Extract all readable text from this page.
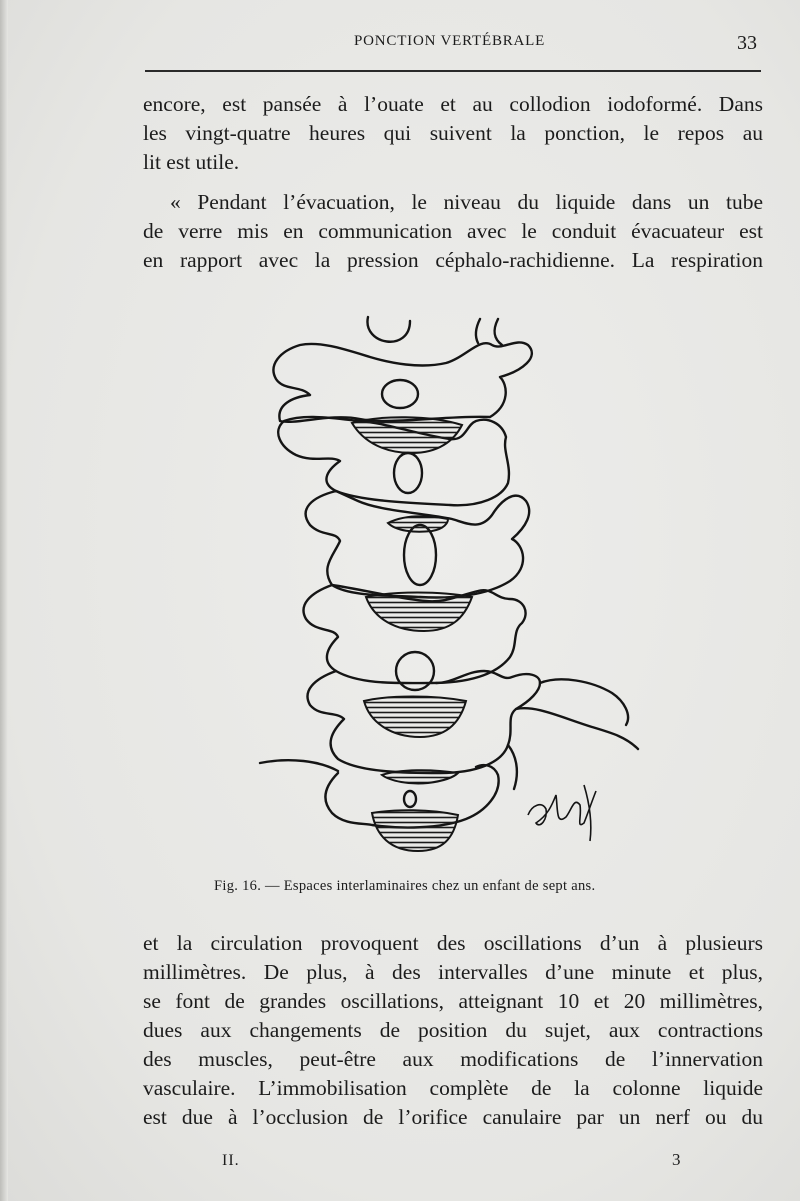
PONCTION VERTÉBRALE	33

encore, est pansée à l’ouate et au collodion iodoformé. Dans
les vingt-quatre heures qui suivent la ponction, le repos au
lit est utile.

« Pendant l’évacuation, le niveau du liquide dans un tube
de verre mis en communication avec le conduit évacuateur est
en rapport avec la pression céphalo-rachidienne. La respiration

Fig. 16. — Espaces interlaminaires chez un enfant de sept ans.

et la circulation provoquent des oscillations d’un à plusieurs
millimètres. De plus, à des intervalles d’une minute et plus,
se font de grandes oscillations, atteignant 10 et 20 millimètres,
dues aux changements de position du sujet, aux contractions
des muscles, peut-être aux modifications de l’innervation
vasculaire. L’immobilisation complète de la colonne liquide
est due à l’occlusion de l’orifice canulaire par un nerf ou du

II.	3
